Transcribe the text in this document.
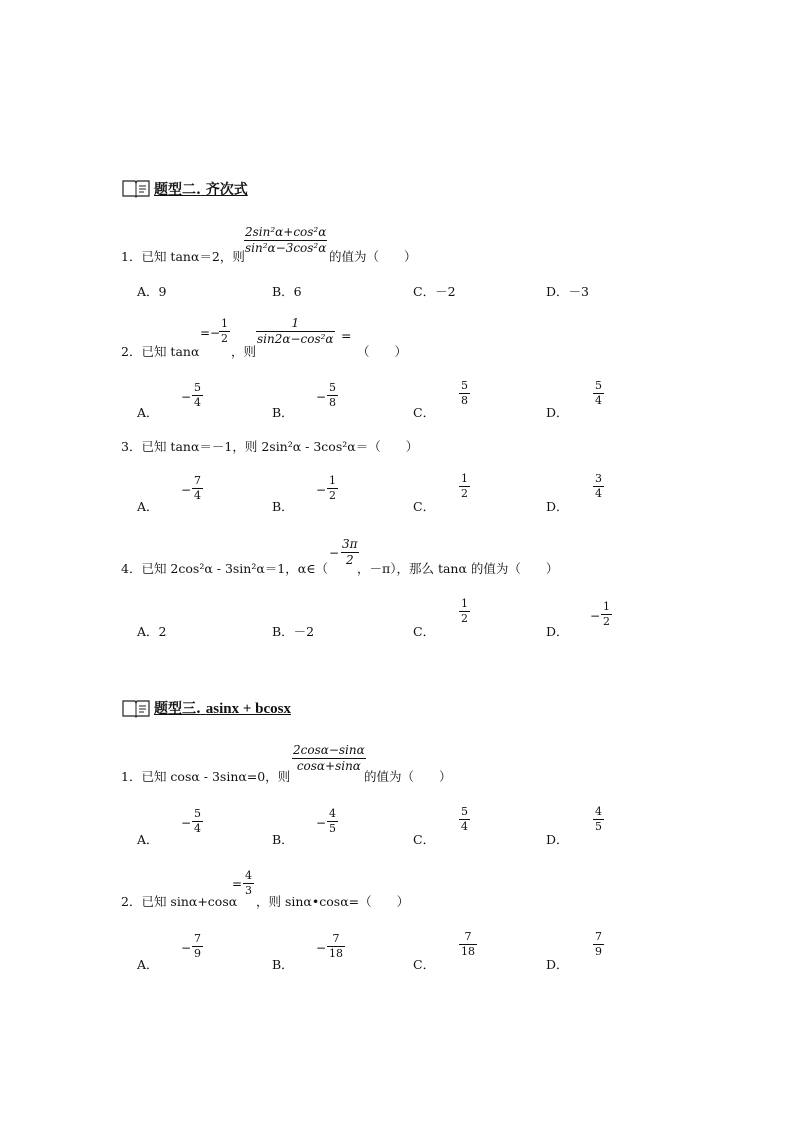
题型二. 齐次式
1．已知 tanα＝2，则
2sin²α+cos²α
sin²α−3cos²α
的值为（　　）
A．9	B．6	C．－2	D．－3
2．已知 tanα
=−
1
2
，则
1
sin2α−cos²α =
（　　）
A．
−
5
4
B．
−
5
8
C．
5
8
D．
5
4
3．已知 tanα＝－1，则 2sin²α - 3cos²α＝（　　）
A．
−
7
4
B．
−
1
2
C．
1
2
D．
3
4
4．已知 2cos²α - 3sin²α＝1，α∈（
−
3π
2
，－π），那么 tanα 的值为（　　）
A．2	B．－2	C．
1
2
D．
−
1
2
题型三. asinx + bcosx
1．已知 cosα - 3sinα=0，则
2cosα−sinα
cosα+sinα
的值为（　　）
A．
−
5
4
B．
−
4
5
C．
5
4
D．
4
5
2．已知 sinα+cosα
=
4
3
，则 sinα•cosα=（　　）
A．
−
7
9
B．
−
7
18
C．
7
18
D．
7
9
